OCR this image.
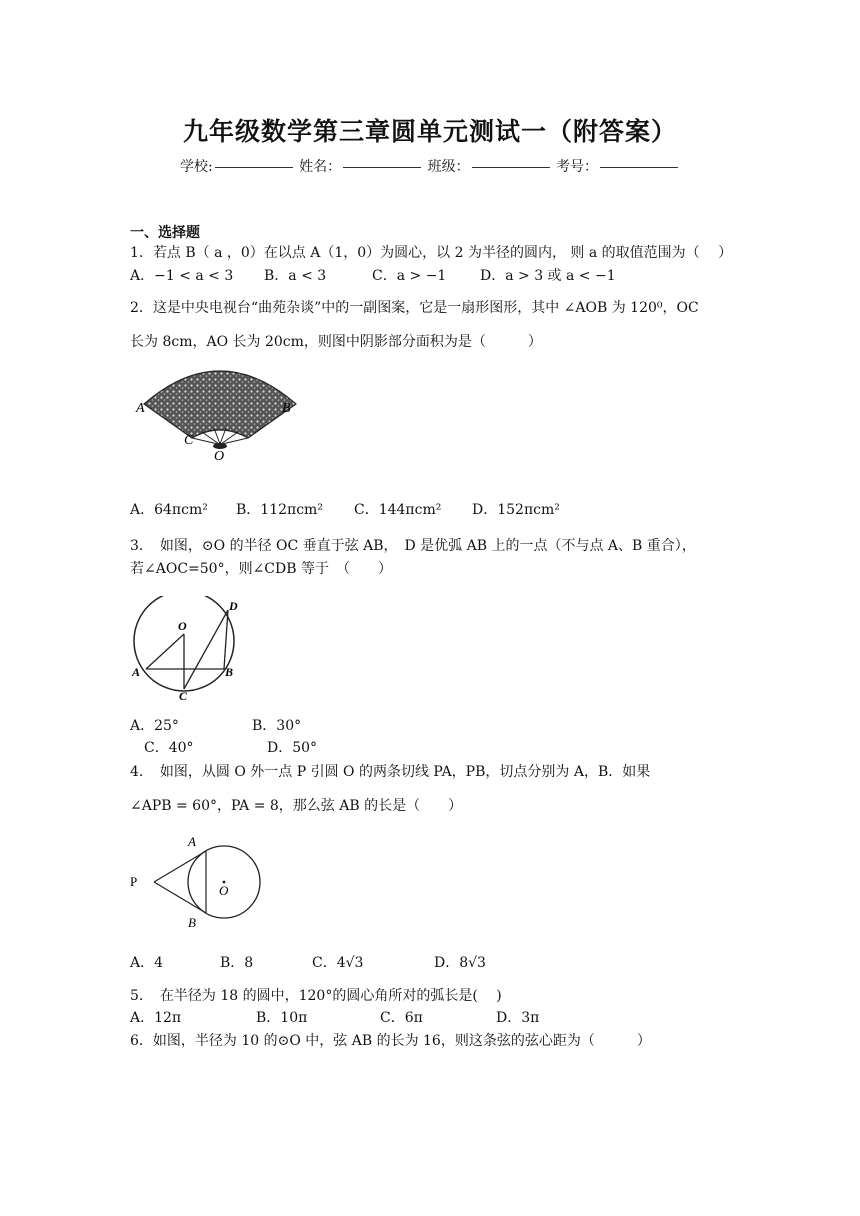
九年级数学第三章圆单元测试一（附答案）
学校:	姓名：	班级：	考号：
一、选择题
1．若点 B（ a ，0）在以点 A（1，0）为圆心，以 2 为半径的圆内， 则 a 的取值范围为（　 ）
A．−1 < a < 3 B．a < 3	C．a > −1 D．a > 3 或 a < −1
2．这是中央电视台“曲苑杂谈”中的一副图案，它是一扇形图形，其中 ∠AOB 为 120⁰，OC
长为 8cm，AO 长为 20cm，则图中阴影部分面积为是（　　　）
A	B
C
O
A．64πcm² B．112πcm² C．144πcm² D．152πcm²
3．　如图，⊙O 的半径 OC 垂直于弦 AB，　D 是优弧 AB 上的一点（不与点 A、B 重合），
若∠AOC=50°，则∠CDB 等于　（　　）
O
A	B
C
D
A．25°	B．30°
C．40°	D．50°
4．　如图，从圆 O 外一点 P 引圆 O 的两条切线 PA，PB，切点分别为 A，B．如果
∠APB = 60°，PA = 8，那么弦 AB 的长是（　　）
P
A
B
O
A．4	B．8	C．4√3	D．8√3
5．　在半径为 18 的圆中，120°的圆心角所对的弧长是(　 )
A．12π	B．10π	C．6π	D．3π
6．如图，半径为 10 的⊙O 中，弦 AB 的长为 16，则这条弦的弦心距为（　　　）
